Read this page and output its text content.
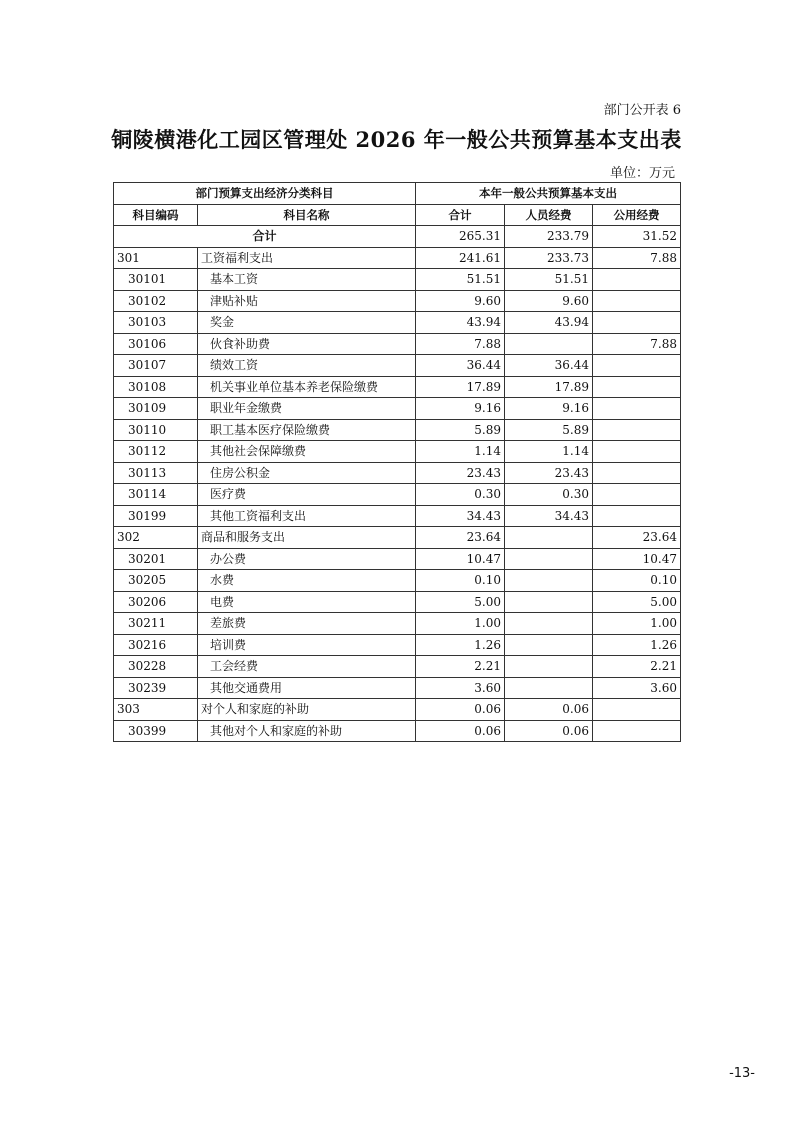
部门公开表 6
铜陵横港化工园区管理处 2026 年一般公共预算基本支出表
单位：万元
部门预算支出经济分类科目		本年一般公共预算基本支出		
科目编码	科目名称	合计	人员经费	公用经费
合计		265.31	233.79	31.52
301	工资福利支出	241.61	233.73	7.88
30101	基本工资	51.51	51.51	
30102	津贴补贴	9.60	9.60	
30103	奖金	43.94	43.94	
30106	伙食补助费	7.88		7.88
30107	绩效工资	36.44	36.44	
30108	机关事业单位基本养老保险缴费	17.89	17.89	
30109	职业年金缴费	9.16	9.16	
30110	职工基本医疗保险缴费	5.89	5.89	
30112	其他社会保障缴费	1.14	1.14	
30113	住房公积金	23.43	23.43	
30114	医疗费	0.30	0.30	
30199	其他工资福利支出	34.43	34.43	
302	商品和服务支出	23.64		23.64
30201	办公费	10.47		10.47
30205	水费	0.10		0.10
30206	电费	5.00		5.00
30211	差旅费	1.00		1.00
30216	培训费	1.26		1.26
30228	工会经费	2.21		2.21
30239	其他交通费用	3.60		3.60
303	对个人和家庭的补助	0.06	0.06	
30399	其他对个人和家庭的补助	0.06	0.06	
-13-
